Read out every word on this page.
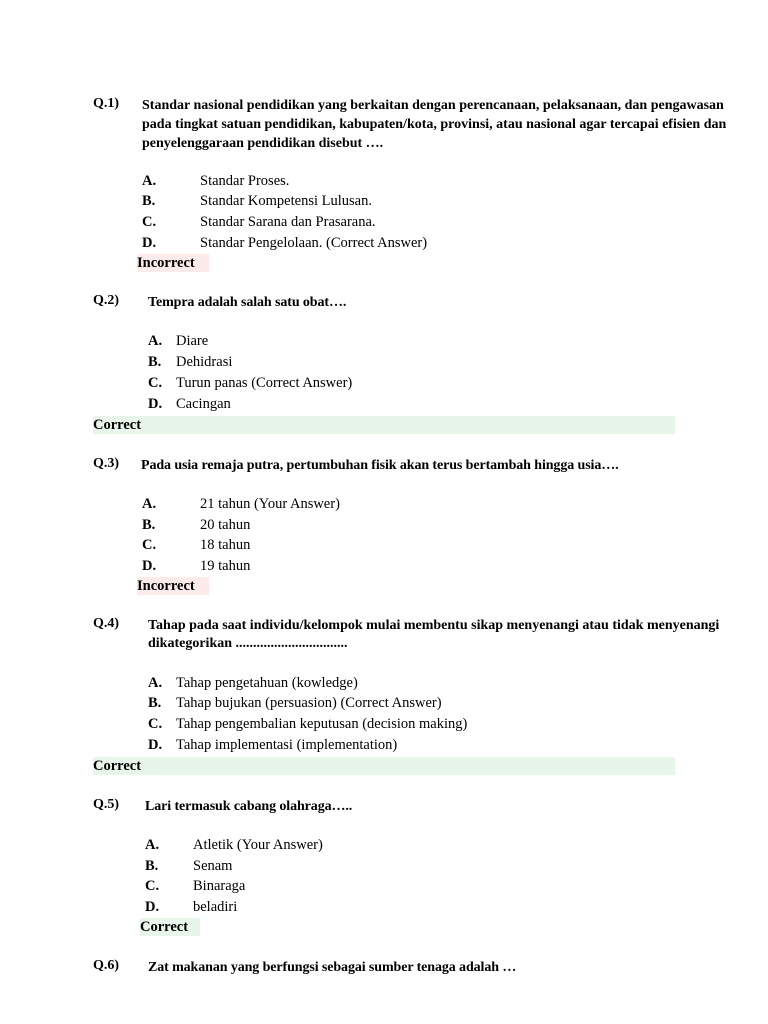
Q.1) Standar nasional pendidikan yang berkaitan dengan perencanaan, pelaksanaan, dan pengawasan
pada tingkat satuan pendidikan, kabupaten/kota, provinsi, atau nasional agar tercapai efisien dan
penyelenggaraan pendidikan disebut ….
A.	Standar Proses.
B.	Standar Kompetensi Lulusan.
C.	Standar Sarana dan Prasarana.
D.	Standar Pengelolaan. (Correct Answer)
Incorrect
Q.2) Tempra adalah salah satu obat….
A. Diare
B. Dehidrasi
C. Turun panas (Correct Answer)
D. Cacingan
Correct
Q.3) Pada usia remaja putra, pertumbuhan fisik akan terus bertambah hingga usia….
A.	21 tahun (Your Answer)
B.	20 tahun
C.	18 tahun
D.	19 tahun
Incorrect
Q.4) Tahap pada saat individu/kelompok mulai membentu sikap menyenangi atau tidak menyenangi
dikategorikan ................................
A. Tahap pengetahuan (kowledge)
B. Tahap bujukan (persuasion) (Correct Answer)
C. Tahap pengembalian keputusan (decision making)
D. Tahap implementasi (implementation)
Correct
Q.5) Lari termasuk cabang olahraga…..
A. Atletik (Your Answer)
B. Senam
C. Binaraga
D. beladiri
Correct
Q.6) Zat makanan yang berfungsi sebagai sumber tenaga adalah …
